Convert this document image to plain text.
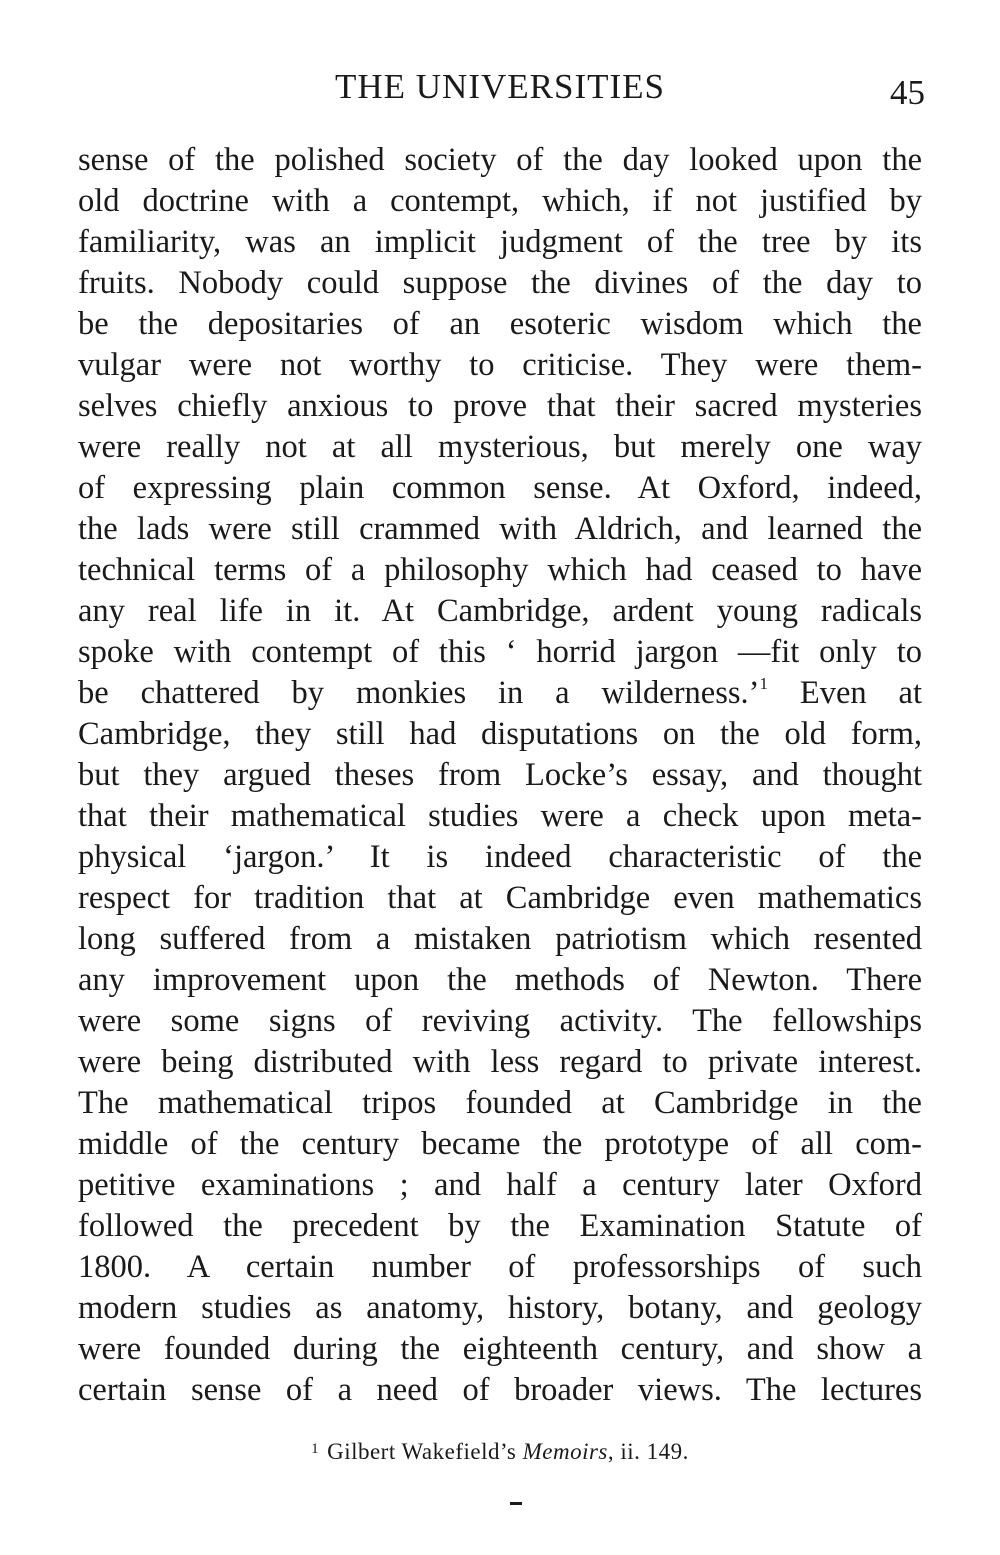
THE UNIVERSITIES	45
sense of the polished society of the day looked upon the
old doctrine with a contempt, which, if not justified by
familiarity, was an implicit judgment of the tree by its
fruits. Nobody could suppose the divines of the day to
be the depositaries of an esoteric wisdom which the
vulgar were not worthy to criticise. They were them-
selves chiefly anxious to prove that their sacred mysteries
were really not at all mysterious, but merely one way
of expressing plain common sense. At Oxford, indeed,
the lads were still crammed with Aldrich, and learned the
technical terms of a philosophy which had ceased to have
any real life in it. At Cambridge, ardent young radicals
spoke with contempt of this ‘ horrid jargon —fit only to
be chattered by monkies in a wilderness.’$^1$ Even at
Cambridge, they still had disputations on the old form,
but they argued theses from Locke’s essay, and thought
that their mathematical studies were a check upon meta-
physical ‘jargon.’ It is indeed characteristic of the
respect for tradition that at Cambridge even mathematics
long suffered from a mistaken patriotism which resented
any improvement upon the methods of Newton. There
were some signs of reviving activity. The fellowships
were being distributed with less regard to private interest.
The mathematical tripos founded at Cambridge in the
middle of the century became the prototype of all com-
petitive examinations ; and half a century later Oxford
followed the precedent by the Examination Statute of
1800. A certain number of professorships of such
modern studies as anatomy, history, botany, and geology
were founded during the eighteenth century, and show a
certain sense of a need of broader views. The lectures
$^1$ Gilbert Wakefield’s Memoirs, ii. 149.
